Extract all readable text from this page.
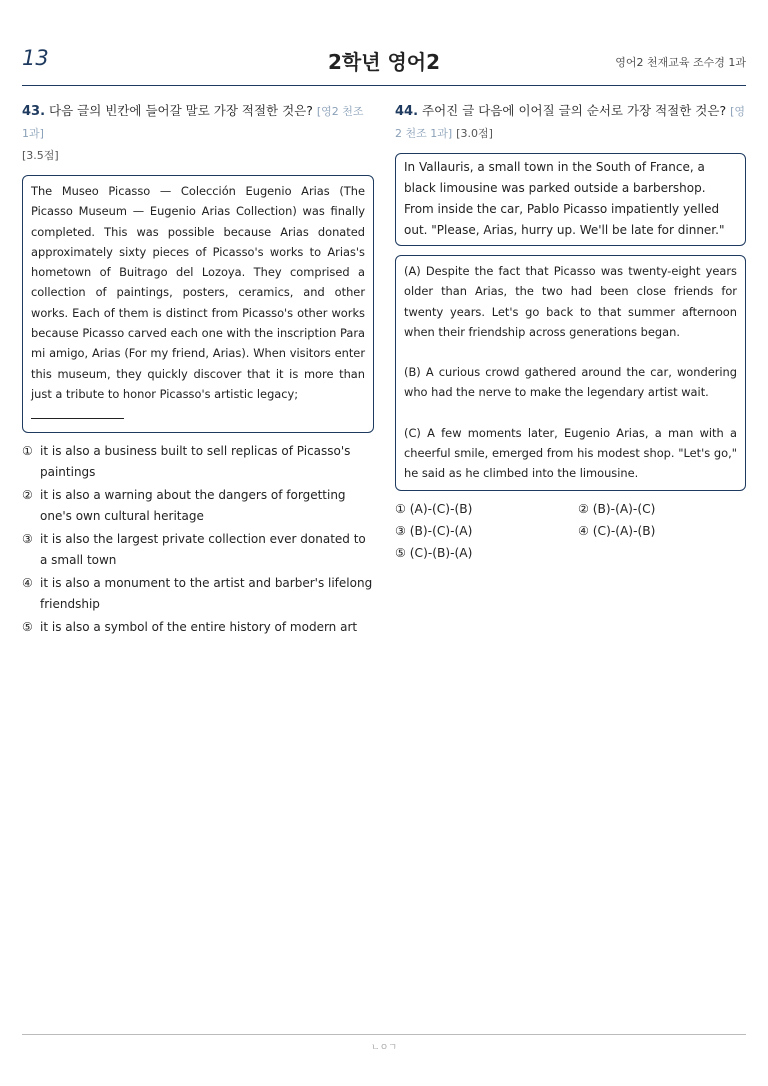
13	2학년 영어2	영어2 천재교육 조수경 1과
43. 다음 글의 빈칸에 들어갈 말로 가장 적절한 것은? [영2 천조 1과]
[3.5점]
The Museo Picasso — Colección Eugenio Arias (The Picasso Museum — Eugenio Arias Collection) was finally completed. This was possible because Arias donated approximately sixty pieces of Picasso's works to Arias's hometown of Buitrago del Lozoya. They comprised a collection of paintings, posters, ceramics, and other works. Each of them is distinct from Picasso's other works because Picasso carved each one with the inscription Para mi amigo, Arias (For my friend, Arias). When visitors enter this museum, they quickly discover that it is more than just a tribute to honor Picasso's artistic legacy;

① it is also a business built to sell replicas of Picasso's paintings
② it is also a warning about the dangers of forgetting one's own cultural heritage
③ it is also the largest private collection ever donated to a small town
④ it is also a monument to the artist and barber's lifelong friendship
⑤ it is also a symbol of the entire history of modern art
44. 주어진 글 다음에 이어질 글의 순서로 가장 적절한 것은? [영2 천조 1과] [3.0점]
In Vallauris, a small town in the South of France, a black limousine was parked outside a barbershop. From inside the car, Pablo Picasso impatiently yelled out. "Please, Arias, hurry up. We'll be late for dinner."

(A) Despite the fact that Picasso was twenty-eight years older than Arias, the two had been close friends for twenty years. Let's go back to that summer afternoon when their friendship across generations began.

(B) A curious crowd gathered around the car, wondering who had the nerve to make the legendary artist wait.

(C) A few moments later, Eugenio Arias, a man with a cheerful smile, emerged from his modest shop. "Let's go," he said as he climbed into the limousine.

① (A)-(C)-(B)	② (B)-(A)-(C)
③ (B)-(C)-(A)	④ (C)-(A)-(B)
⑤ (C)-(B)-(A)
ㄴㅇㄱ
